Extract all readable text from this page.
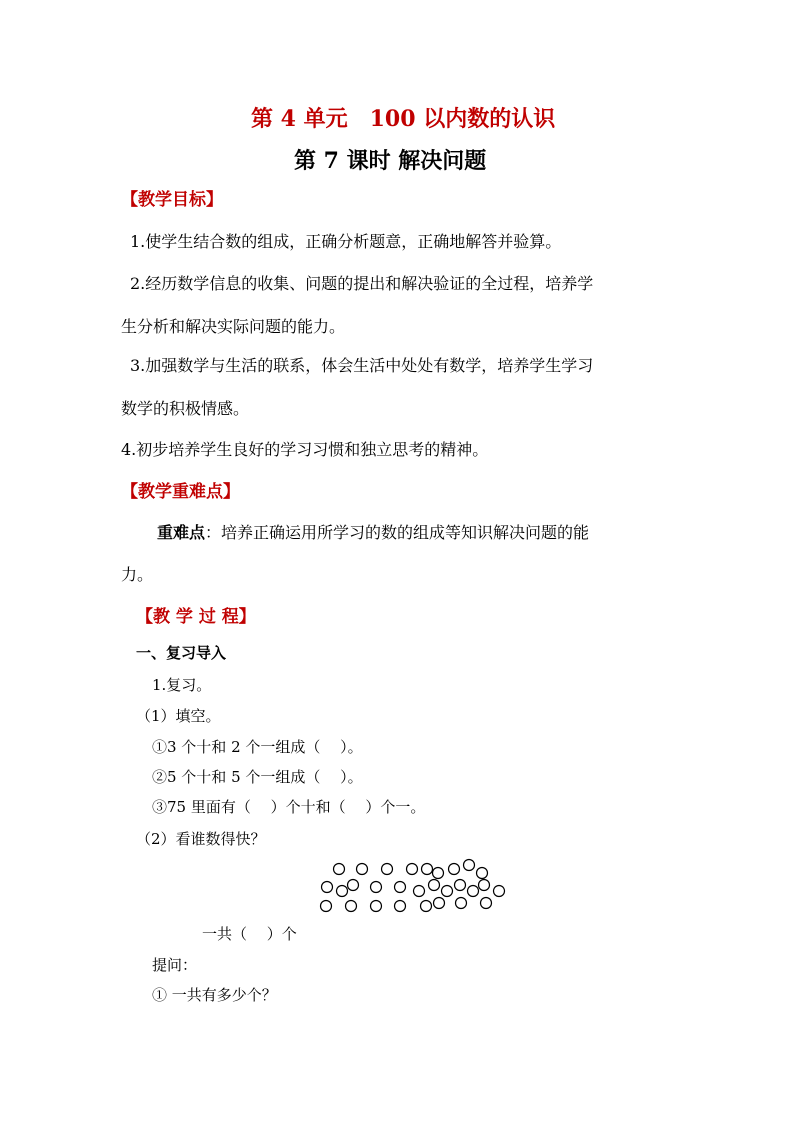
第 4 单元　100 以内数的认识
第 7 课时 解决问题
【教学目标】
1.使学生结合数的组成，正确分析题意，正确地解答并验算。
2.经历数学信息的收集、问题的提出和解决验证的全过程，培养学
生分析和解决实际问题的能力。
3.加强数学与生活的联系，体会生活中处处有数学，培养学生学习
数学的积极情感。
4.初步培养学生良好的学习习惯和独立思考的精神。
【教学重难点】
重难点：培养正确运用所学习的数的组成等知识解决问题的能
力。
【教 学 过 程】
一、复习导入
1.复习。
（1）填空。
①3 个十和 2 个一组成（　 ）。
②5 个十和 5 个一组成（　 ）。
③75 里面有（　 ）个十和（　 ）个一。
（2）看谁数得快？
一共（　 ）个
提问：
① 一共有多少个？
